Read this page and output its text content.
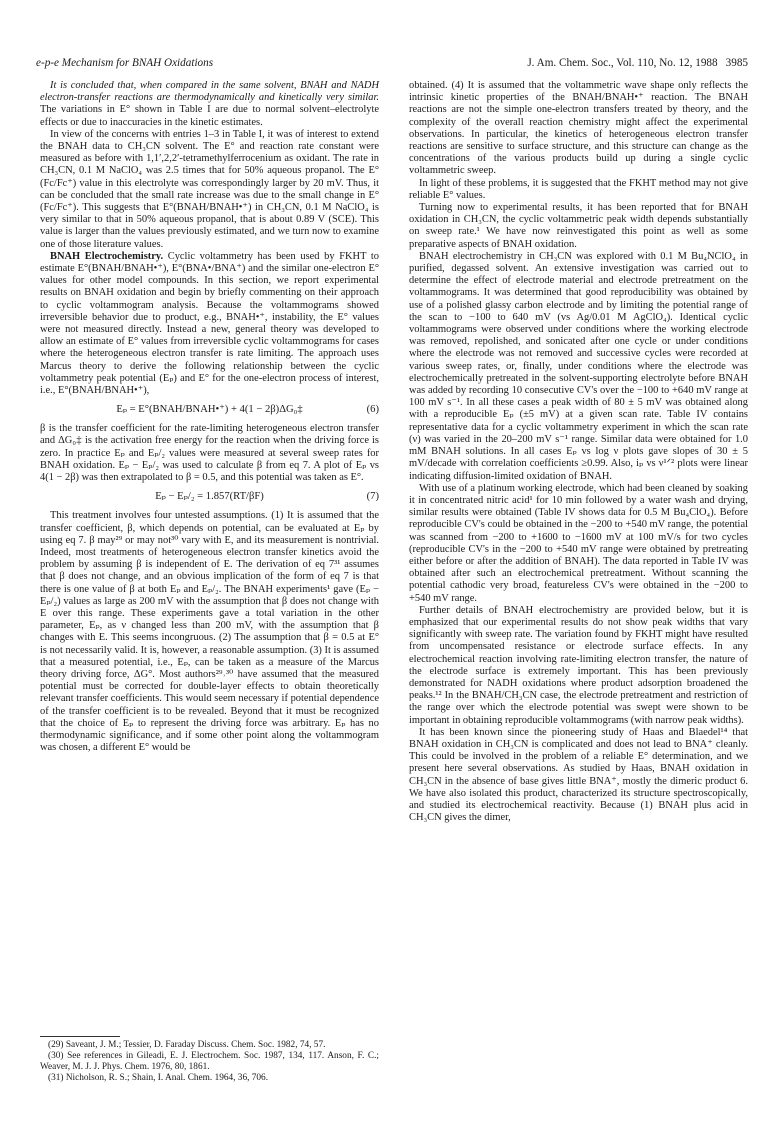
e-p-e Mechanism for BNAH Oxidations	J. Am. Chem. Soc., Vol. 110, No. 12, 1988 3985

It is concluded that, when compared in the same solvent, BNAH and NADH electron-transfer reactions are thermodynamically and kinetically very similar. The variations in E° shown in Table I are due to normal solvent–electrolyte effects or due to inaccuracies in the kinetic estimates.

In view of the concerns with entries 1–3 in Table I, it was of interest to extend the BNAH data to CH₃CN solvent. The E° and reaction rate constant were measured as before with 1,1′,2,2′-tetramethylferrocenium as oxidant. The rate in CH₃CN, 0.1 M NaClO₄ was 2.5 times that for 50% aqueous propanol. The E°(Fc/Fc⁺) value in this electrolyte was correspondingly larger by 20 mV. Thus, it can be concluded that the small rate increase was due to the small change in E°(Fc/Fc⁺). This suggests that E°(BNAH/BNAH•⁺) in CH₃CN, 0.1 M NaClO₄ is very similar to that in 50% aqueous propanol, that is about 0.89 V (SCE). This value is larger than the values previously estimated, and we turn now to examine one of those literature values.

BNAH Electrochemistry. Cyclic voltammetry has been used by FKHT to estimate E°(BNAH/BNAH•⁺), E°(BNA•/BNA⁺) and the similar one-electron E° values for other model compounds. In this section, we report experimental results on BNAH oxidation and begin by briefly commenting on their approach to cyclic voltammogram analysis. Because the voltammograms showed irreversible behavior due to product, e.g., BNAH•⁺, instability, the E° values were not measured directly. Instead a new, general theory was developed to allow an estimate of E° values from irreversible cyclic voltammograms for cases where the heterogeneous electron transfer is rate limiting. The approach uses Marcus theory to derive the following relationship between the cyclic voltammetry peak potential (Eₚ) and E° for the one-electron process of interest, i.e., E°(BNAH/BNAH•⁺),

Eₚ = E°(BNAH/BNAH•⁺) + 4(1 − 2β)ΔG₀‡	(6)

β is the transfer coefficient for the rate-limiting heterogeneous electron transfer and ΔG₀‡ is the activation free energy for the reaction when the driving force is zero. In practice Eₚ and Eₚ/₂ values were measured at several sweep rates for BNAH oxidation. Eₚ − Eₚ/₂ was used to calculate β from eq 7. A plot of Eₚ vs 4(1 − 2β) was then extrapolated to β = 0.5, and this potential was taken as E°.

Eₚ − Eₚ/₂ = 1.857(RT/βF)	(7)

This treatment involves four untested assumptions. (1) It is assumed that the transfer coefficient, β, which depends on potential, can be evaluated at Eₚ by using eq 7. β may²⁹ or may not³⁰ vary with E, and its measurement is nontrivial. Indeed, most treatments of heterogeneous electron transfer kinetics avoid the problem by assuming β is independent of E. The derivation of eq 7³¹ assumes that β does not change, and an obvious implication of the form of eq 7 is that there is one value of β at both Eₚ and Eₚ/₂. The BNAH experiments¹ gave (Eₚ − Eₚ/₂) values as large as 200 mV with the assumption that β does not change with E over this range. These experiments gave a total variation in the other parameter, Eₚ, as ν changed less than 200 mV, with the assumption that β changes with E. This seems incongruous. (2) The assumption that β = 0.5 at E° is not necessarily valid. It is, however, a reasonable assumption. (3) It is assumed that a measured potential, i.e., Eₚ, can be taken as a measure of the Marcus theory driving force, ΔG°. Most authors²⁹˒³⁰ have assumed that the measured potential must be corrected for double-layer effects to obtain theoretically relevant transfer coefficients. This would seem necessary if potential dependence of the transfer coefficient is to be revealed. Beyond that it must be recognized that the choice of Eₚ to represent the driving force was arbitrary. Eₚ has no thermodynamic significance, and if some other point along the voltammogram was chosen, a different E° would be

obtained. (4) It is assumed that the voltammetric wave shape only reflects the intrinsic kinetic properties of the BNAH/BNAH•⁺ reaction. The BNAH reactions are not the simple one-electron transfers treated by theory, and the complexity of the overall reaction chemistry might affect the experimental observations. In particular, the kinetics of heterogeneous electron transfer reactions are sensitive to surface structure, and this structure can change as the concentrations of the various products build up during a single cyclic voltammetric sweep.

In light of these problems, it is suggested that the FKHT method may not give reliable E° values.

Turning now to experimental results, it has been reported that for BNAH oxidation in CH₃CN, the cyclic voltammetric peak width depends substantially on sweep rate.¹ We have now reinvestigated this point as well as some preparative aspects of BNAH oxidation.

BNAH electrochemistry in CH₃CN was explored with 0.1 M Bu₄NClO₄ in purified, degassed solvent. An extensive investigation was carried out to determine the effect of electrode material and electrode pretreatment on the voltammograms. It was determined that good reproducibility was obtained by use of a polished glassy carbon electrode and by limiting the potential range of the scan to −100 to 640 mV (vs Ag/0.01 M AgClO₄). Identical cyclic voltammograms were observed under conditions where the working electrode was removed, repolished, and sonicated after one cycle or under conditions where the electrode was not removed and successive cycles were recorded at various sweep rates, or, finally, under conditions where the electrode was electrochemically pretreated in the solvent-supporting electrolyte before BNAH was added by recording 10 consecutive CV's over the −100 to +640 mV range at 100 mV s⁻¹. In all these cases a peak width of 80 ± 5 mV was obtained along with a reproducible Eₚ (±5 mV) at a given scan rate. Table IV contains representative data for a cyclic voltammetry experiment in which the scan rate (ν) was varied in the 20–200 mV s⁻¹ range. Similar data were obtained for 1.0 mM BNAH solutions. In all cases Eₚ vs log ν plots gave slopes of 30 ± 5 mV/decade with correlation coefficients ≥0.99. Also, iₚ vs ν¹ᐟ² plots were linear indicating diffusion-limited oxidation of BNAH.

With use of a platinum working electrode, which had been cleaned by soaking it in concentrated nitric acid¹ for 10 min followed by a water wash and drying, similar results were obtained (Table IV shows data for 0.5 M Bu₄ClO₄). Before reproducible CV's could be obtained in the −200 to +540 mV range, the potential was scanned from −200 to +1600 to −1600 mV at 100 mV/s for two cycles (reproducible CV's in the −200 to +540 mV range were obtained by pretreating either before or after the addition of BNAH). The data reported in Table IV was obtained after such an electrochemical pretreatment. Without scanning the potential cathodic very broad, featureless CV's were obtained in the −200 to +540 mV range.

Further details of BNAH electrochemistry are provided below, but it is emphasized that our experimental results do not show peak widths that vary significantly with sweep rate. The variation found by FKHT might have resulted from uncompensated resistance or electrode surface effects. In any electrochemical reaction involving rate-limiting electron transfer, the nature of the electrode surface is extremely important. This has been previously demonstrated for NADH oxidations where product adsorption broadened the peaks.¹² In the BNAH/CH₃CN case, the electrode pretreatment and restriction of the range over which the electrode potential was swept were shown to be important in obtaining reproducible voltammograms (with narrow peak widths).

It has been known since the pioneering study of Haas and Blaedel¹⁴ that BNAH oxidation in CH₃CN is complicated and does not lead to BNA⁺ cleanly. This could be involved in the problem of a reliable E° determination, and we present here several observations. As studied by Haas, BNAH oxidation in CH₃CN in the absence of base gives little BNA⁺, mostly the dimeric product 6. We have also isolated this product, characterized its structure spectroscopically, and studied its electrochemical reactivity. Because (1) BNAH plus acid in CH₃CN gives the dimer,

(29) Saveant, J. M.; Tessier, D. Faraday Discuss. Chem. Soc. 1982, 74, 57.

(30) See references in Gileadi, E. J. Electrochem. Soc. 1987, 134, 117. Anson, F. C.; Weaver, M. J. J. Phys. Chem. 1976, 80, 1861.

(31) Nicholson, R. S.; Shain, I. Anal. Chem. 1964, 36, 706.
